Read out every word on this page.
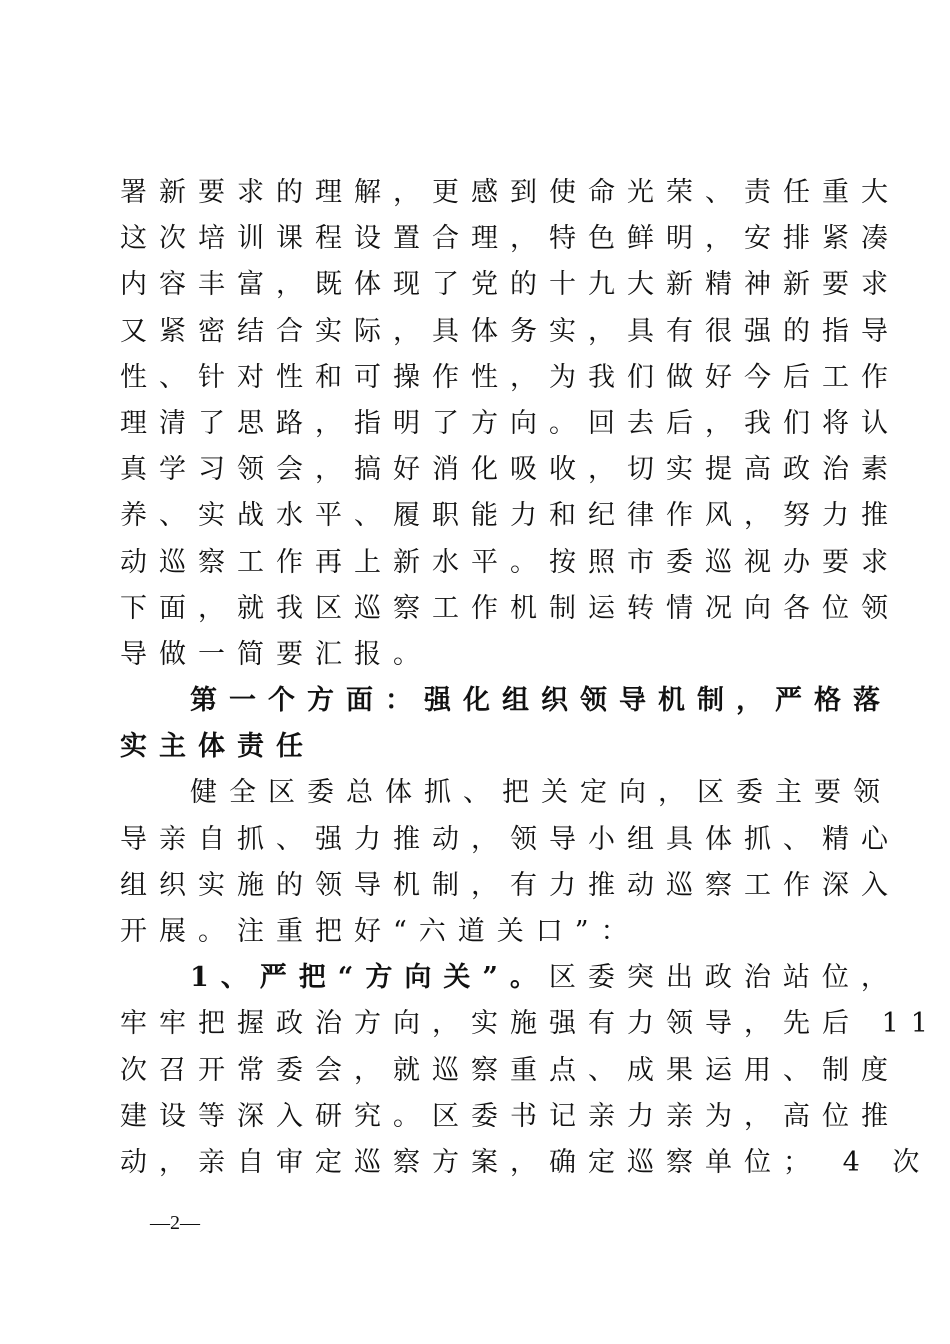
署新要求的理解，更感到使命光荣、责任重大
这次培训课程设置合理，特色鲜明，安排紧凑
内容丰富，既体现了党的十九大新精神新要求
又紧密结合实际，具体务实，具有很强的指导
性、针对性和可操作性，为我们做好今后工作
理清了思路，指明了方向。回去后，我们将认
真学习领会，搞好消化吸收，切实提高政治素
养、实战水平、履职能力和纪律作风，努力推
动巡察工作再上新水平。按照市委巡视办要求
下面，就我区巡察工作机制运转情况向各位领
导做一简要汇报。
第一个方面：强化组织领导机制，严格落
实主体责任
健全区委总体抓、把关定向，区委主要领
导亲自抓、强力推动，领导小组具体抓、精心
组织实施的领导机制，有力推动巡察工作深入
开展。注重把好“六道关口”：
1、严把“方向关”。区委突出政治站位，
牢牢把握政治方向，实施强有力领导，先后 11
次召开常委会，就巡察重点、成果运用、制度
建设等深入研究。区委书记亲力亲为，高位推
动，亲自审定巡察方案，确定巡察单位； 4 次
—2—
